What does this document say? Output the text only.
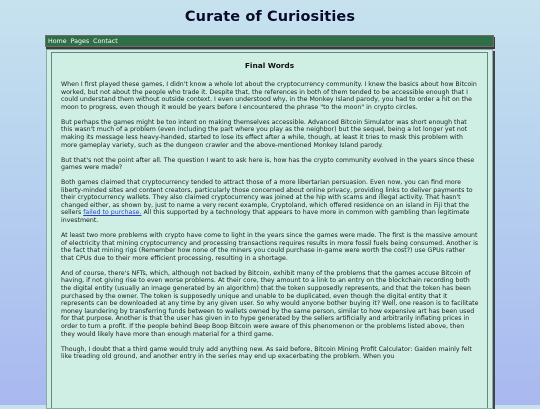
Curate of Curiosities
Home Pages Contact
Final Words

When I first played these games, I didn't know a whole lot about the cryptocurrency community. I knew the basics about how Bitcoin worked, but not about the people who trade it. Despite that, the references in both of them tended to be accessible enough that I could understand them without outside context. I even understood why, in the Monkey Island parody, you had to order a hit on the moon to progress, even though it would be years before I encountered the phrase "to the moon" in crypto circles.

But perhaps the games might be too intent on making themselves accessible. Advanced Bitcoin Simulator was short enough that this wasn't much of a problem (even including the part where you play as the neighbor) but the sequel, being a lot longer yet not making its message less heavy-handed, started to lose its effect after a while, though, at least it tries to mask this problem with more gameplay variety, such as the dungeon crawler and the above-mentioned Monkey Island parody.

But that's not the point after all. The question I want to ask here is, how has the crypto community evolved in the years since these games were made?

Both games claimed that cryptocurrency tended to attract those of a more libertarian persuasion. Even now, you can find more liberty-minded sites and content creators, particularly those concerned about online privacy, providing links to deliver payments to their cryptocurrency wallets. They also claimed cryptocurrency was joined at the hip with scams and illegal activity. That hasn't changed either, as shown by, just to name a very recent example, Cryptoland, which offered residence on an island in Fiji that the sellers failed to purchase. All this supported by a technology that appears to have more in common with gambling than legitimate investment.

At least two more problems with crypto have come to light in the years since the games were made. The first is the massive amount of electricity that mining cryptocurrency and processing transactions requires results in more fossil fuels being consumed. Another is the fact that mining rigs (Remember how none of the miners you could purchase in-game were worth the cost?) use GPUs rather that CPUs due to their more efficient processing, resulting in a shortage.

And of course, there's NFTs, which, although not backed by Bitcoin, exhibit many of the problems that the games accuse Bitcoin of having, if not giving rise to even worse problems. At their core, they amount to a link to an entry on the blockchain recording both the digital entity (usually an image generated by an algorithm) that the token supposedly represents, and that the token has been purchased by the owner. The token is supposedly unique and unable to be duplicated, even though the digital entity that it represents can be downloaded at any time by any given user. So why would anyone bother buying it? Well, one reason is to facilitate money laundering by transferring funds between to wallets owned by the same person, similar to how expensive art has been used for that purpose. Another is that the user has given in to hype generated by the sellers artificially and arbitrarily inflating prices in order to turn a profit. If the people behind Beep Boop Bitcoin were aware of this phenomenon or the problems listed above, then they would likely have more than enough material for a third game.

Though, I doubt that a third game would truly add anything new. As said before, Bitcoin Mining Profit Calculator: Gaiden mainly felt like treading old ground, and another entry in the series may end up exacerbating the problem. When you
